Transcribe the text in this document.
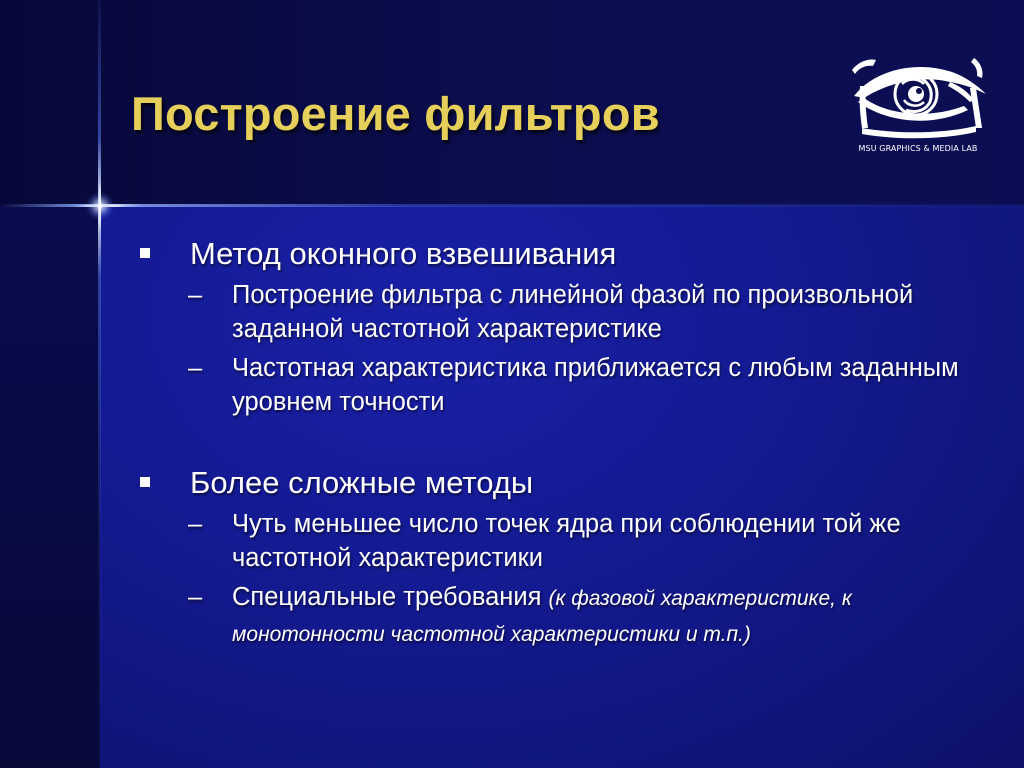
Построение фильтров
MSU GRAPHICS & MEDIA LAB
Метод оконного взвешивания
–	Построение фильтра с линейной фазой по произвольной заданной частотной характеристике
–	Частотная характеристика приближается с любым заданным уровнем точности
Более сложные методы
–	Чуть меньшее число точек ядра при соблюдении той же частотной характеристики
–	Специальные требования (к фазовой характеристике, к монотонности частотной характеристики и т.п.)
